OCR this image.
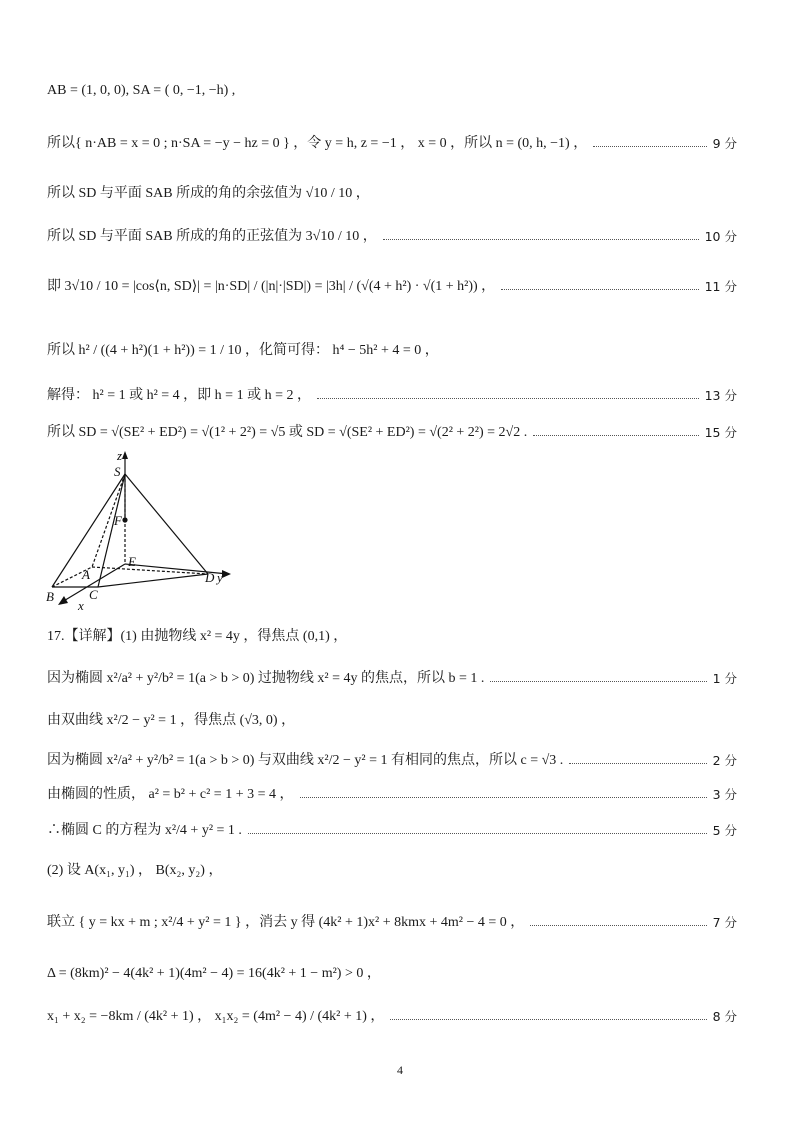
AB = (1, 0, 0), SA = ( 0, −1, −h) ,
所以{ n·AB = x = 0 ; n·SA = −y − hz = 0 } ，令 y = h, z = −1 ， x = 0 ，所以 n = (0, h, −1) ，	9 分
所以 SD 与平面 SAB 所成的角的余弦值为 √10 / 10 ，
所以 SD 与平面 SAB 所成的角的正弦值为 3√10 / 10 ，	10 分
即 3√10 / 10 = |cos⟨n, SD⟩| = |n·SD| / (|n|·|SD|) = |3h| / (√(4 + h²) · √(1 + h²)) ，	11 分
所以 h² / ((4 + h²)(1 + h²)) = 1 / 10 ，化简可得： h⁴ − 5h² + 4 = 0 ，
解得： h² = 1 或 h² = 4 ，即 h = 1 或 h = 2 ，	13 分
所以 SD = √(SE² + ED²) = √(1² + 2²) = √5 或 SD = √(SE² + ED²) = √(2² + 2²) = 2√2 .	15 分
z
S
F
E
A	D y
B	C
x
17.【详解】(1) 由抛物线 x² = 4y ，得焦点 (0,1) ，
因为椭圆 x²/a² + y²/b² = 1(a > b > 0) 过抛物线 x² = 4y 的焦点，所以 b = 1 .	1 分
由双曲线 x²/2 − y² = 1 ，得焦点 (√3, 0) ，
因为椭圆 x²/a² + y²/b² = 1(a > b > 0) 与双曲线 x²/2 − y² = 1 有相同的焦点，所以 c = √3 .	2 分
由椭圆的性质， a² = b² + c² = 1 + 3 = 4 ，	3 分
∴椭圆 C 的方程为 x²/4 + y² = 1 .	5 分
(2) 设 A(x₁, y₁) ， B(x₂, y₂) ，
联立 { y = kx + m ; x²/4 + y² = 1 } ，消去 y 得 (4k² + 1)x² + 8kmx + 4m² − 4 = 0 ，	7 分
Δ = (8km)² − 4(4k² + 1)(4m² − 4) = 16(4k² + 1 − m²) > 0 ，
x₁ + x₂ = −8km / (4k² + 1) ， x₁x₂ = (4m² − 4) / (4k² + 1) ，	8 分
4
